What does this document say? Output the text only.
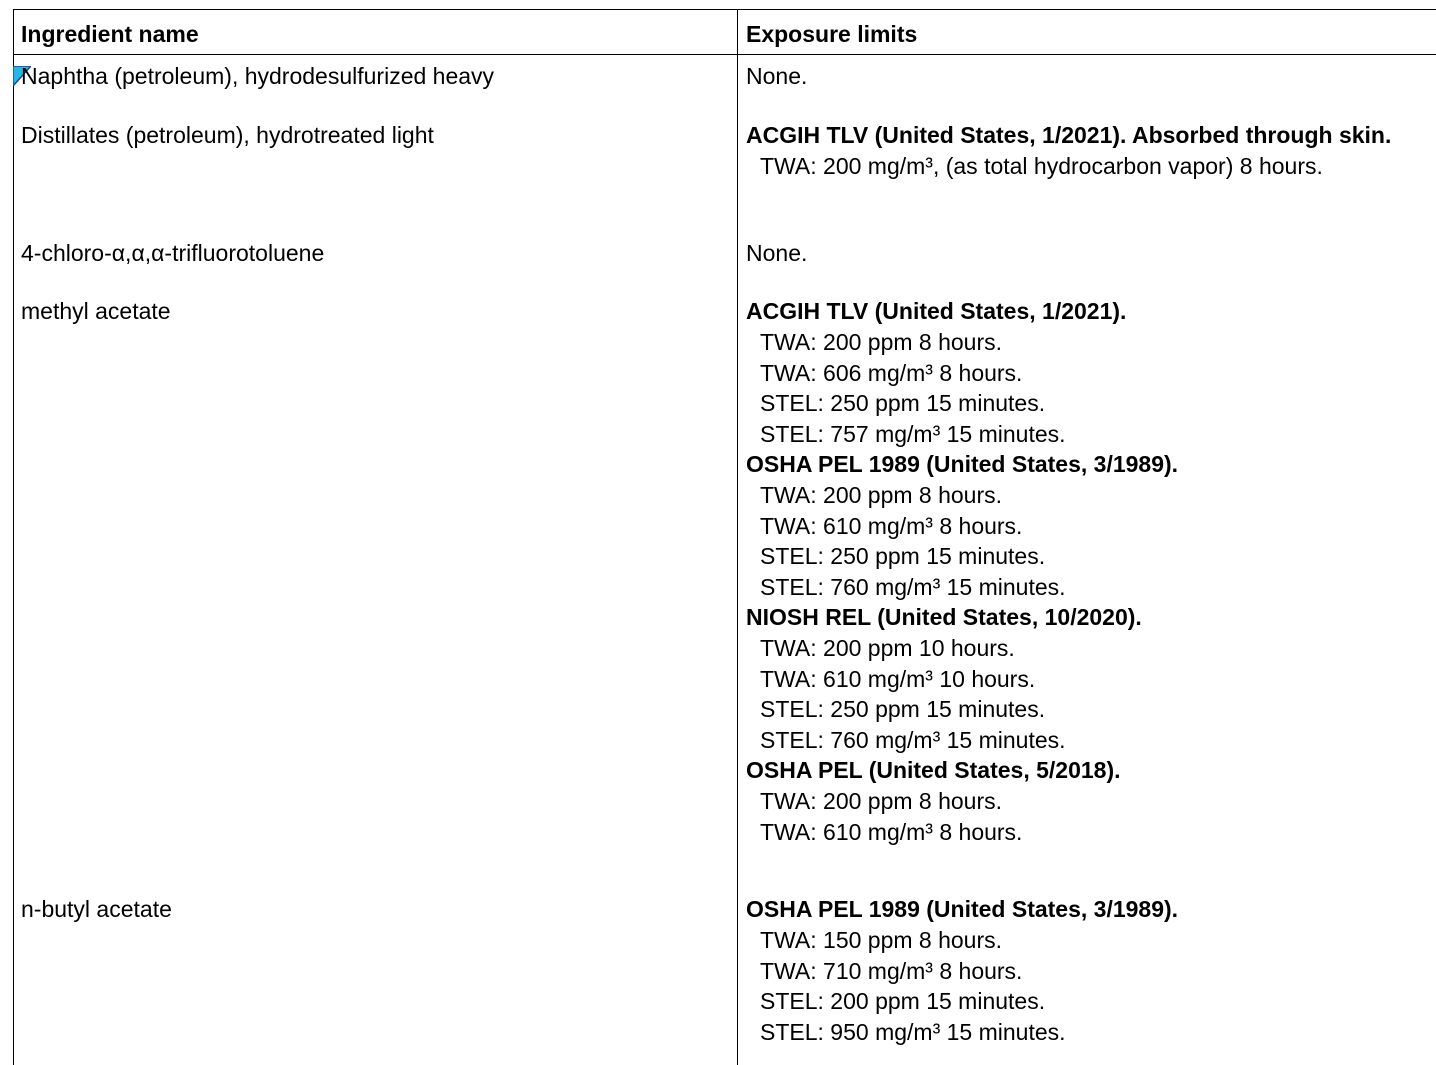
Ingredient name	Exposure limits
Naphtha (petroleum), hydrodesulfurized heavy	None.
Distillates (petroleum), hydrotreated light	ACGIH TLV (United States, 1/2021). Absorbed through skin.
TWA: 200 mg/m³, (as total hydrocarbon vapor) 8 hours.
4-chloro-α,α,α-trifluorotoluene	None.
methyl acetate	ACGIH TLV (United States, 1/2021).
TWA: 200 ppm 8 hours.
TWA: 606 mg/m³ 8 hours.
STEL: 250 ppm 15 minutes.
STEL: 757 mg/m³ 15 minutes.
OSHA PEL 1989 (United States, 3/1989).
TWA: 200 ppm 8 hours.
TWA: 610 mg/m³ 8 hours.
STEL: 250 ppm 15 minutes.
STEL: 760 mg/m³ 15 minutes.
NIOSH REL (United States, 10/2020).
TWA: 200 ppm 10 hours.
TWA: 610 mg/m³ 10 hours.
STEL: 250 ppm 15 minutes.
STEL: 760 mg/m³ 15 minutes.
OSHA PEL (United States, 5/2018).
TWA: 200 ppm 8 hours.
TWA: 610 mg/m³ 8 hours.
n-butyl acetate	OSHA PEL 1989 (United States, 3/1989).
TWA: 150 ppm 8 hours.
TWA: 710 mg/m³ 8 hours.
STEL: 200 ppm 15 minutes.
STEL: 950 mg/m³ 15 minutes.
